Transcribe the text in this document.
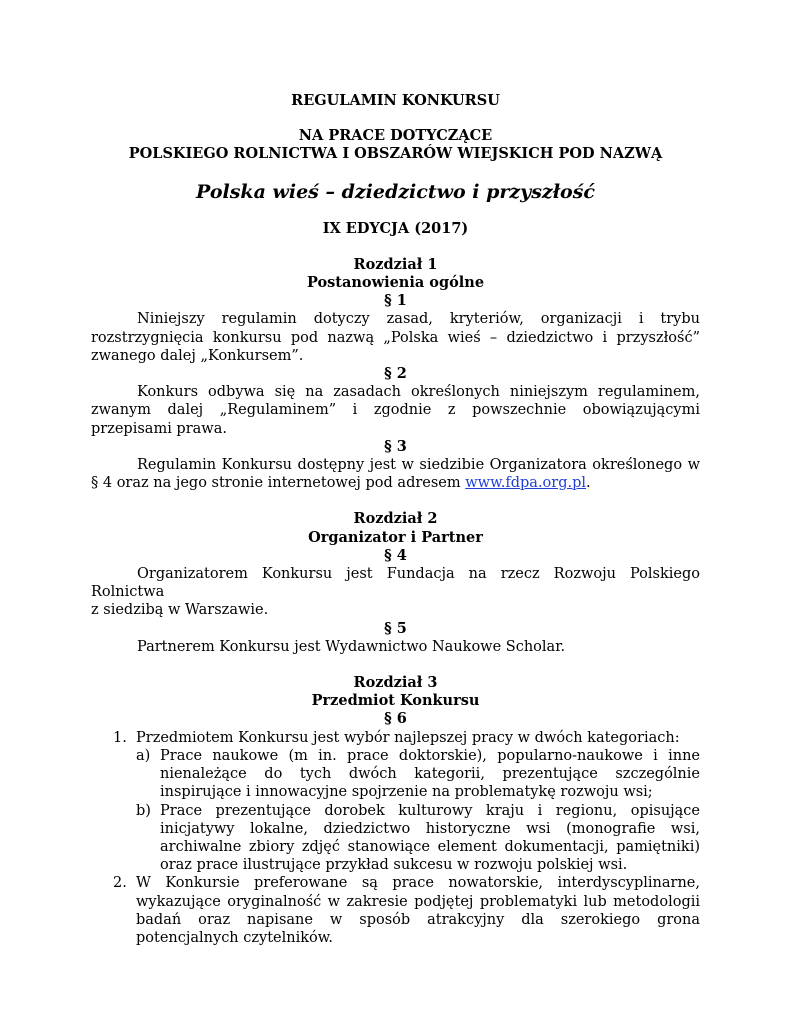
REGULAMIN KONKURSU
NA PRACE DOTYCZĄCE
POLSKIEGO ROLNICTWA I OBSZARÓW WIEJSKICH POD NAZWĄ
Polska wieś – dziedzictwo i przyszłość
IX EDYCJA (2017)
Rozdział 1
Postanowienia ogólne
§ 1

Niniejszy regulamin dotyczy zasad, kryteriów, organizacji i trybu rozstrzygnięcia konkursu pod nazwą „Polska wieś – dziedzictwo i przyszłość” zwanego dalej „Konkursem”.

§ 2

Konkurs odbywa się na zasadach określonych niniejszym regulaminem, zwanym dalej „Regulaminem” i zgodnie z powszechnie obowiązującymi przepisami prawa.

§ 3

Regulamin Konkursu dostępny jest w siedzibie Organizatora określonego w § 4 oraz na jego stronie internetowej pod adresem www.fdpa.org.pl.

Rozdział 2
Organizator i Partner
§ 4

Organizatorem Konkursu jest Fundacja na rzecz Rozwoju Polskiego Rolnictwa

z siedzibą w Warszawie.

§ 5

Partnerem Konkursu jest Wydawnictwo Naukowe Scholar.

Rozdział 3
Przedmiot Konkursu
§ 6
1. Przedmiotem Konkursu jest wybór najlepszej pracy w dwóch kategoriach:
a) Prace naukowe (m in. prace doktorskie), popularno-naukowe i inne nienależące do tych dwóch kategorii, prezentujące szczególnie inspirujące i innowacyjne spojrzenie na problematykę rozwoju wsi;
b) Prace prezentujące dorobek kulturowy kraju i regionu, opisujące inicjatywy lokalne, dziedzictwo historyczne wsi (monografie wsi, archiwalne zbiory zdjęć stanowiące element dokumentacji, pamiętniki) oraz prace ilustrujące przykład sukcesu w rozwoju polskiej wsi.
2. W Konkursie preferowane są prace nowatorskie, interdyscyplinarne, wykazujące oryginalność w zakresie podjętej problematyki lub metodologii badań oraz napisane w sposób atrakcyjny dla szerokiego grona potencjalnych czytelników.
